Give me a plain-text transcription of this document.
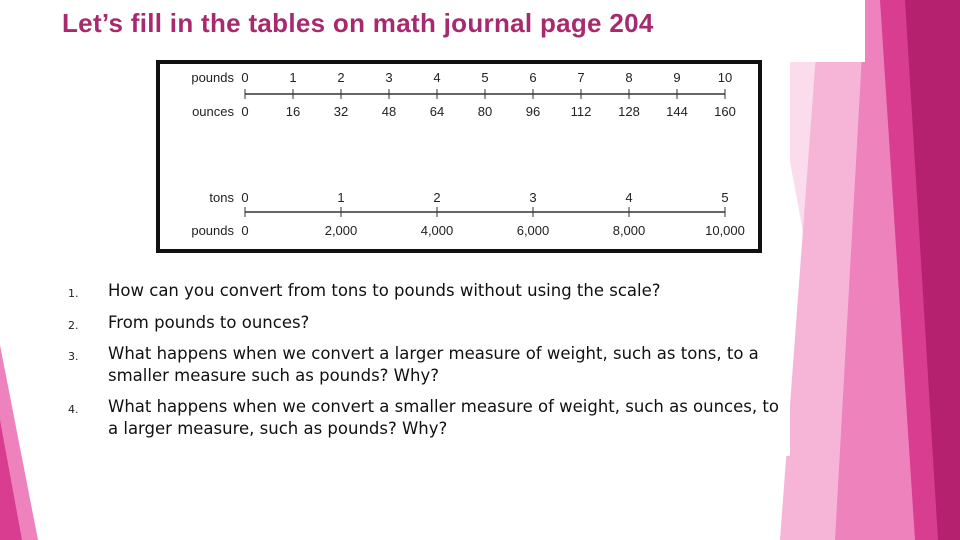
Let’s fill in the tables on math journal page 204
pounds
ounces
0
0
1
16
2
32
3
48
4
64
5
80
6
96
7
112
8
128
9
144
10
160
tons
pounds
0
0
1
2,000
2
4,000
3
6,000
4
8,000
5
10,000
1. How can you convert from tons to pounds without using the scale?
2. From pounds to ounces?
3. What happens when we convert a larger measure of weight, such as tons, to a smaller measure such as pounds? Why?
4. What happens when we convert a smaller measure of weight, such as ounces, to a larger measure, such as pounds? Why?
